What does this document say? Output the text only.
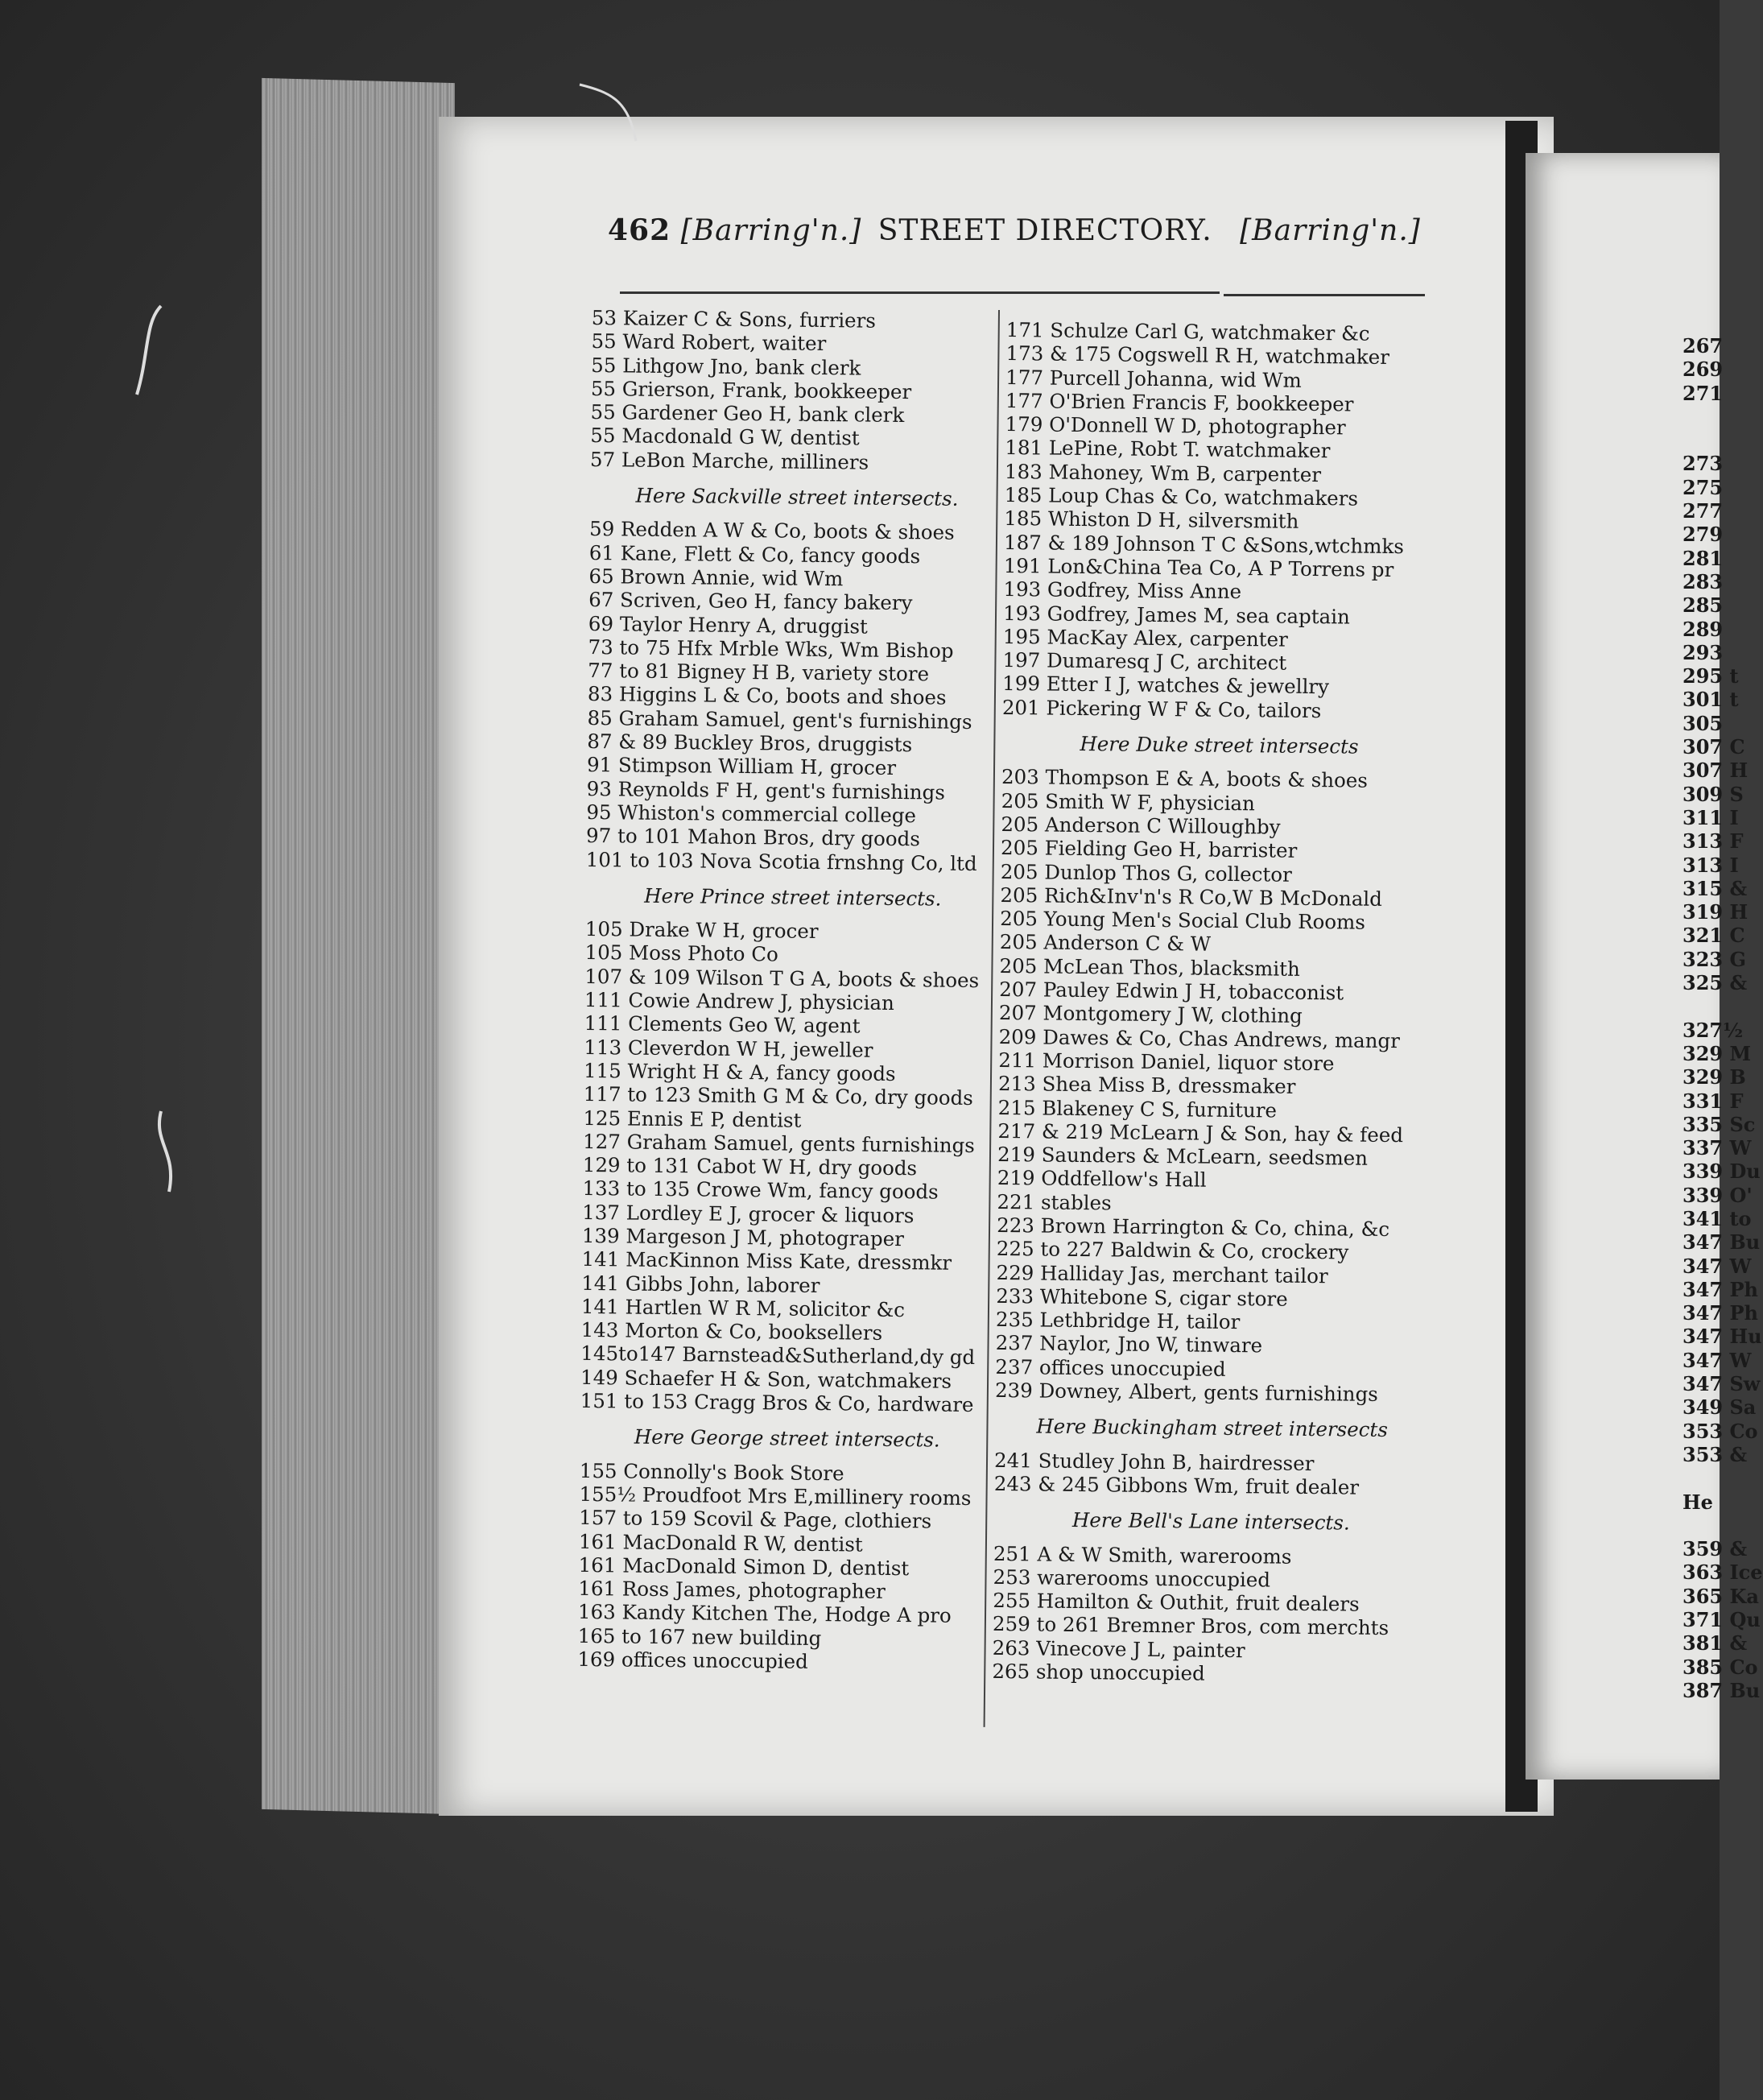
462 [Barring'n.] STREET DIRECTORY. [Barring'n.]
53 Kaizer C & Sons, furriers
55 Ward Robert, waiter
55 Lithgow Jno, bank clerk
55 Grierson, Frank, bookkeeper
55 Gardener Geo H, bank clerk
55 Macdonald G W, dentist
57 LeBon Marche, milliners
Here Sackville street intersects.
59 Redden A W & Co, boots & shoes
61 Kane, Flett & Co, fancy goods
65 Brown Annie, wid Wm
67 Scriven, Geo H, fancy bakery
69 Taylor Henry A, druggist
73 to 75 Hfx Mrble Wks, Wm Bishop
77 to 81 Bigney H B, variety store
83 Higgins L & Co, boots and shoes
85 Graham Samuel, gent's furnishings
87 & 89 Buckley Bros, druggists
91 Stimpson William H, grocer
93 Reynolds F H, gent's furnishings
95 Whiston's commercial college
97 to 101 Mahon Bros, dry goods
101 to 103 Nova Scotia frnshng Co, ltd
Here Prince street intersects.
105 Drake W H, grocer
105 Moss Photo Co
107 & 109 Wilson T G A, boots & shoes
111 Cowie Andrew J, physician
111 Clements Geo W, agent
113 Cleverdon W H, jeweller
115 Wright H & A, fancy goods
117 to 123 Smith G M & Co, dry goods
125 Ennis E P, dentist
127 Graham Samuel, gents furnishings
129 to 131 Cabot W H, dry goods
133 to 135 Crowe Wm, fancy goods
137 Lordley E J, grocer & liquors
139 Margeson J M, photograper
141 MacKinnon Miss Kate, dressmkr
141 Gibbs John, laborer
141 Hartlen W R M, solicitor &c
143 Morton & Co, booksellers
145to147 Barnstead&Sutherland,dy gd
149 Schaefer H & Son, watchmakers
151 to 153 Cragg Bros & Co, hardware
Here George street intersects.
155 Connolly's Book Store
155½ Proudfoot Mrs E,millinery rooms
157 to 159 Scovil & Page, clothiers
161 MacDonald R W, dentist
161 MacDonald Simon D, dentist
161 Ross James, photographer
163 Kandy Kitchen The, Hodge A pro
165 to 167 new building
169 offices unoccupied
171 Schulze Carl G, watchmaker &c
173 & 175 Cogswell R H, watchmaker
177 Purcell Johanna, wid Wm
177 O'Brien Francis F, bookkeeper
179 O'Donnell W D, photographer
181 LePine, Robt T. watchmaker
183 Mahoney, Wm B, carpenter
185 Loup Chas & Co, watchmakers
185 Whiston D H, silversmith
187 & 189 Johnson T C &Sons,wtchmks
191 Lon&China Tea Co, A P Torrens pr
193 Godfrey, Miss Anne
193 Godfrey, James M, sea captain
195 MacKay Alex, carpenter
197 Dumaresq J C, architect
199 Etter I J, watches & jewellry
201 Pickering W F & Co, tailors
Here Duke street intersects
203 Thompson E & A, boots & shoes
205 Smith W F, physician
205 Anderson C Willoughby
205 Fielding Geo H, barrister
205 Dunlop Thos G, collector
205 Rich&Inv'n's R Co,W B McDonald
205 Young Men's Social Club Rooms
205 Anderson C & W
205 McLean Thos, blacksmith
207 Pauley Edwin J H, tobacconist
207 Montgomery J W, clothing
209 Dawes & Co, Chas Andrews, mangr
211 Morrison Daniel, liquor store
213 Shea Miss B, dressmaker
215 Blakeney C S, furniture
217 & 219 McLearn J & Son, hay & feed
219 Saunders & McLearn, seedsmen
219 Oddfellow's Hall
221 stables
223 Brown Harrington & Co, china, &c
225 to 227 Baldwin & Co, crockery
229 Halliday Jas, merchant tailor
233 Whitebone S, cigar store
235 Lethbridge H, tailor
237 Naylor, Jno W, tinware
237 offices unoccupied
239 Downey, Albert, gents furnishings
Here Buckingham street intersects
241 Studley John B, hairdresser
243 & 245 Gibbons Wm, fruit dealer
Here Bell's Lane intersects.
251 A & W Smith, warerooms
253 warerooms unoccupied
255 Hamilton & Outhit, fruit dealers
259 to 261 Bremner Bros, com merchts
263 Vinecove J L, painter
265 shop unoccupied
267
269
271
273
275
277
279
281
283
285
289
293
295 t
301 t
305
307 C
307 H
309 S
311 I
313 F
313 I
315 &
319 H
321 C
323 G
325 &
327½
329 M
329 B
331 F
335 Sc
337 W
339 Du
339 O'
341 to
347 Bu
347 W
347 Ph
347 Ph
347 Hu
347 W
347 Sw
349 Sa
353 Co
353 &
He
359 &
363 Ice
365 Ka
371 Qu
381 &
385 Co
387 Bu
